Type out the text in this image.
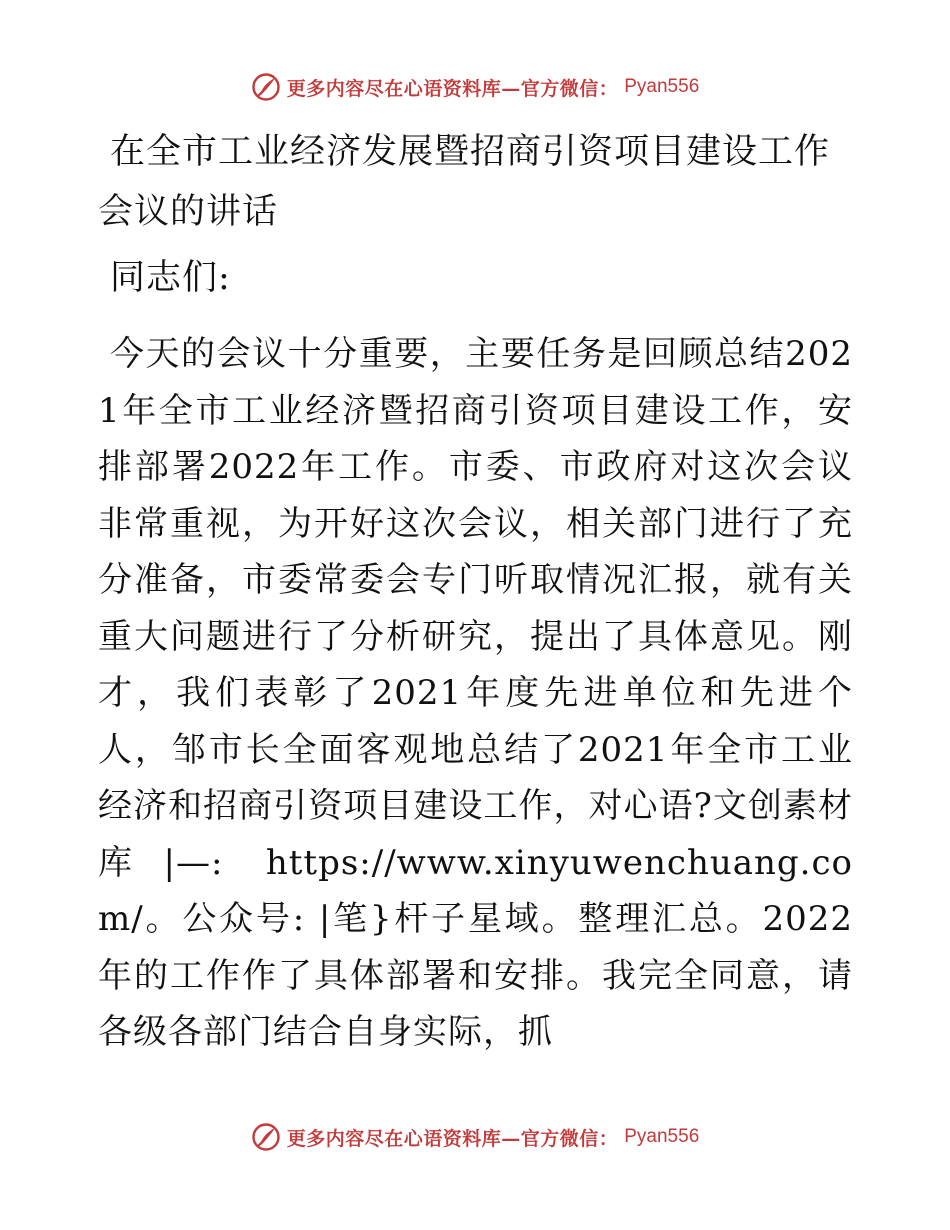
更多内容尽在心语资料库—官方微信： Pyan556
在全市工业经济发展暨招商引资项目建设工作会议的讲话

同志们:

今天的会议十分重要，主要任务是回顾总结2021年全市工业经济暨招商引资项目建设工作，安排部署2022年工作。市委、市政府对这次会议非常重视，为开好这次会议，相关部门进行了充分准备，市委常委会专门听取情况汇报，就有关重大问题进行了分析研究，提出了具体意见。刚才，我们表彰了2021年度先进单位和先进个人，邹市长全面客观地总结了2021年全市工业经济和招商引资项目建设工作，对心语?文创素材库|—: https://www.xinyuwenchuang.com/。公众号: |笔}杆子星域。整理汇总。2022年的工作作了具体部署和安排。我完全同意，请各级各部门结合自身实际，抓

更多内容尽在心语资料库—官方微信： Pyan556
